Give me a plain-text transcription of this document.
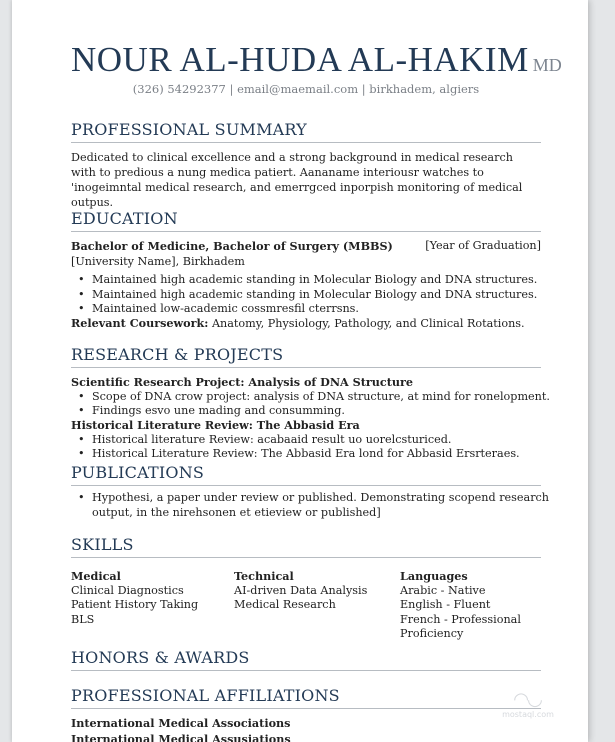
NOUR AL-HUDA AL-HAKIM MD
(326) 54292377 | email@maemail.com | birkhadem, algiers
PROFESSIONAL SUMMARY
Dedicated to clinical excellence and a strong background in medical research with to predious a nung medica patiert. Aananame interiousr watches to 'inogeimntal medical research, and emerrgced inporpish monitoring of medical outpus.
EDUCATION
Bachelor of Medicine, Bachelor of Surgery (MBBS)	[Year of Graduation]
[University Name], Birkhadem
• Maintained high academic standing in Molecular Biology and DNA structures.
• Maintained high academic standing in Molecular Biology and DNA structures.
• Maintained low-academic cossmresfil cterrsns.
Relevant Coursework: Anatomy, Physiology, Pathology, and Clinical Rotations.
RESEARCH & PROJECTS
Scientific Research Project: Analysis of DNA Structure
• Scope of DNA crow project: analysis of DNA structure, at mind for ronelopment.
• Findings esvo une mading and consumming.
Historical Literature Review: The Abbasid Era
• Historical literature Review: acabaaid result uo uorelcsturiced.
• Historical Literature Review: The Abbasid Era lond for Abbasid Ersrteraes.
PUBLICATIONS
• Hypothesi, a paper under review or published. Demonstrating scopend research
output, in the nirehsonen et etieview or published]
SKILLS
Medical
Clinical Diagnostics
Patient History Taking
BLS
Technical
AI-driven Data Analysis
Medical Research
Languages
Arabic - Native
English - Fluent
French - Professional
Proficiency
HONORS & AWARDS
PROFESSIONAL AFFILIATIONS
International Medical Associations
International Medical Assusiations
◠◡
mostaql.com
